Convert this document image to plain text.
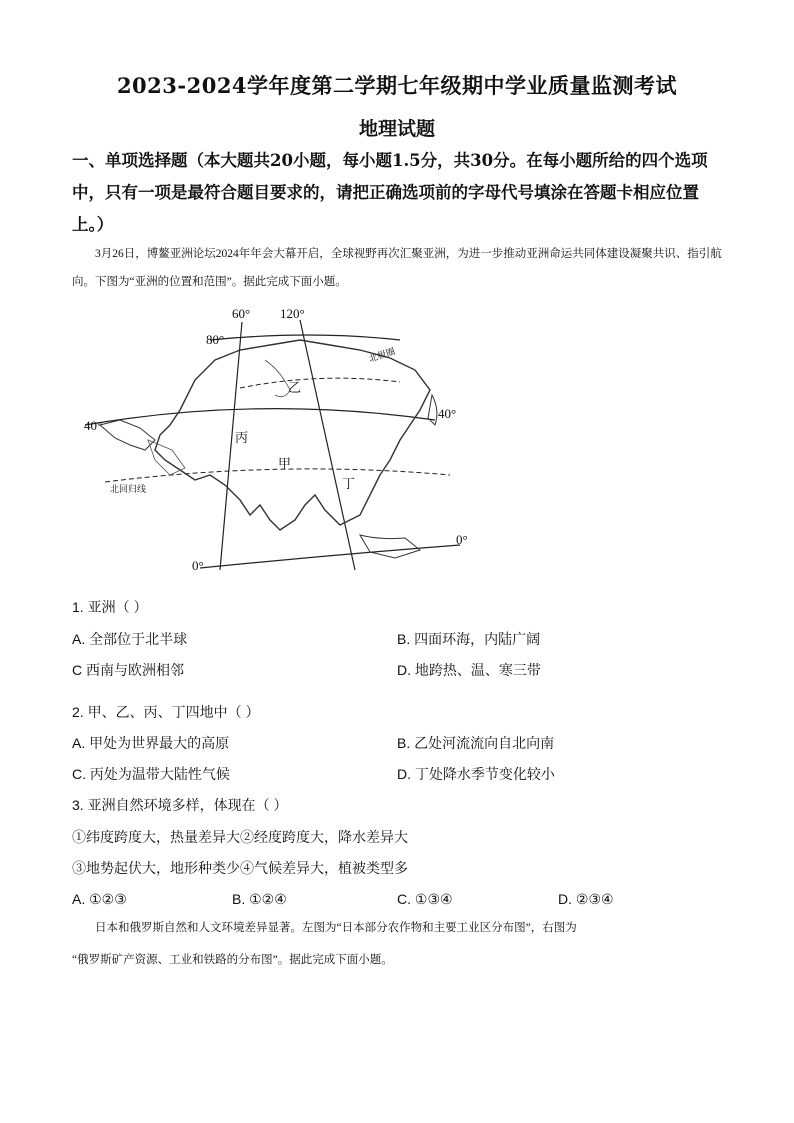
2023-2024学年度第二学期七年级期中学业质量监测考试
地理试题
一、单项选择题（本大题共20小题，每小题1.5分，共30分。在每小题所给的四个选项
中，只有一项是最符合题目要求的，请把正确选项前的字母代号填涂在答题卡相应位置
上。）
3月26日，博鳌亚洲论坛2024年年会大幕开启，全球视野再次汇聚亚洲，为进一步推动亚洲命运共同体建设凝聚共识、指引航向。下图为“亚洲的位置和范围”。据此完成下面小题。
60° 120°
80°
40°
40°
0°
0°
乙
丙
甲
丁
北极圈
北回归线
1. 亚洲（ ）
A. 全部位于北半球	B. 四面环海，内陆广阔
C 西南与欧洲相邻	D. 地跨热、温、寒三带
2. 甲、乙、丙、丁四地中（ ）
A. 甲处为世界最大的高原	B. 乙处河流流向自北向南
C. 丙处为温带大陆性气候	D. 丁处降水季节变化较小
3. 亚洲自然环境多样，体现在（ ）
①纬度跨度大，热量差异大②经度跨度大，降水差异大
③地势起伏大，地形种类少④气候差异大，植被类型多
A. ①②③	B. ①②④	C. ①③④	D. ②③④
日本和俄罗斯自然和人文环境差异显著。左图为“日本部分农作物和主要工业区分布图”，右图为
“俄罗斯矿产资源、工业和铁路的分布图”。据此完成下面小题。
